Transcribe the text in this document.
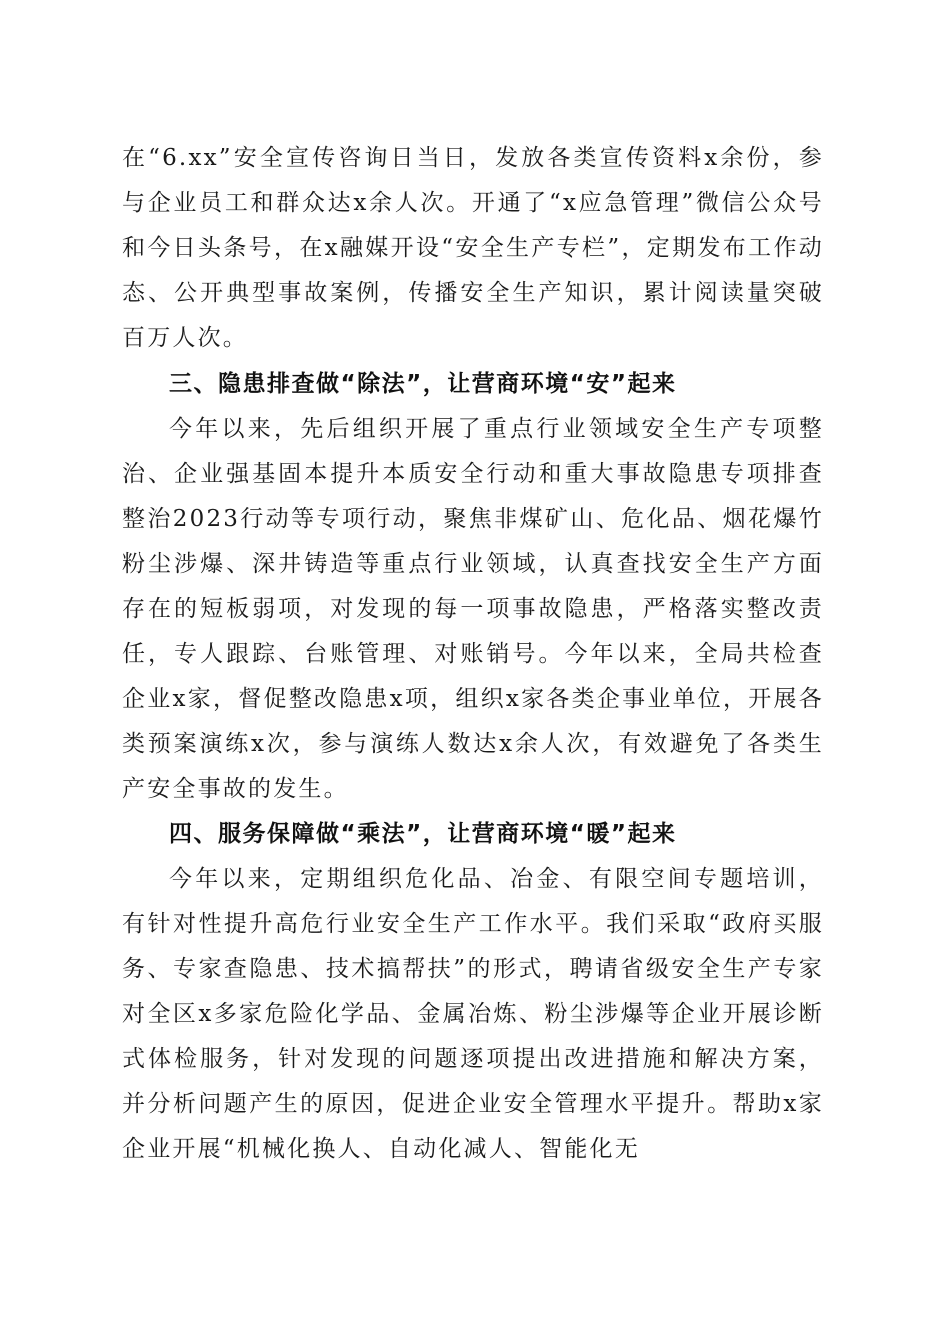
在“6.xx”安全宣传咨询日当日，发放各类宣传资料x余份，参与企业员工和群众达x余人次。开通了“x应急管理”微信公众号和今日头条号，在x融媒开设“安全生产专栏”，定期发布工作动态、公开典型事故案例，传播安全生产知识，累计阅读量突破百万人次。

三、隐患排查做“除法”，让营商环境“安”起来

今年以来，先后组织开展了重点行业领域安全生产专项整治、企业强基固本提升本质安全行动和重大事故隐患专项排查整治2023行动等专项行动，聚焦非煤矿山、危化品、烟花爆竹粉尘涉爆、深井铸造等重点行业领域，认真查找安全生产方面存在的短板弱项，对发现的每一项事故隐患，严格落实整改责任，专人跟踪、台账管理、对账销号。今年以来，全局共检查企业x家，督促整改隐患x项，组织x家各类企事业单位，开展各类预案演练x次，参与演练人数达x余人次，有效避免了各类生产安全事故的发生。

四、服务保障做“乘法”，让营商环境“暖”起来

今年以来，定期组织危化品、冶金、有限空间专题培训，有针对性提升高危行业安全生产工作水平。我们采取“政府买服务、专家查隐患、技术搞帮扶”的形式，聘请省级安全生产专家对全区x多家危险化学品、金属冶炼、粉尘涉爆等企业开展诊断式体检服务，针对发现的问题逐项提出改进措施和解决方案，并分析问题产生的原因，促进企业安全管理水平提升。帮助x家企业开展“机械化换人、自动化减人、智能化无
